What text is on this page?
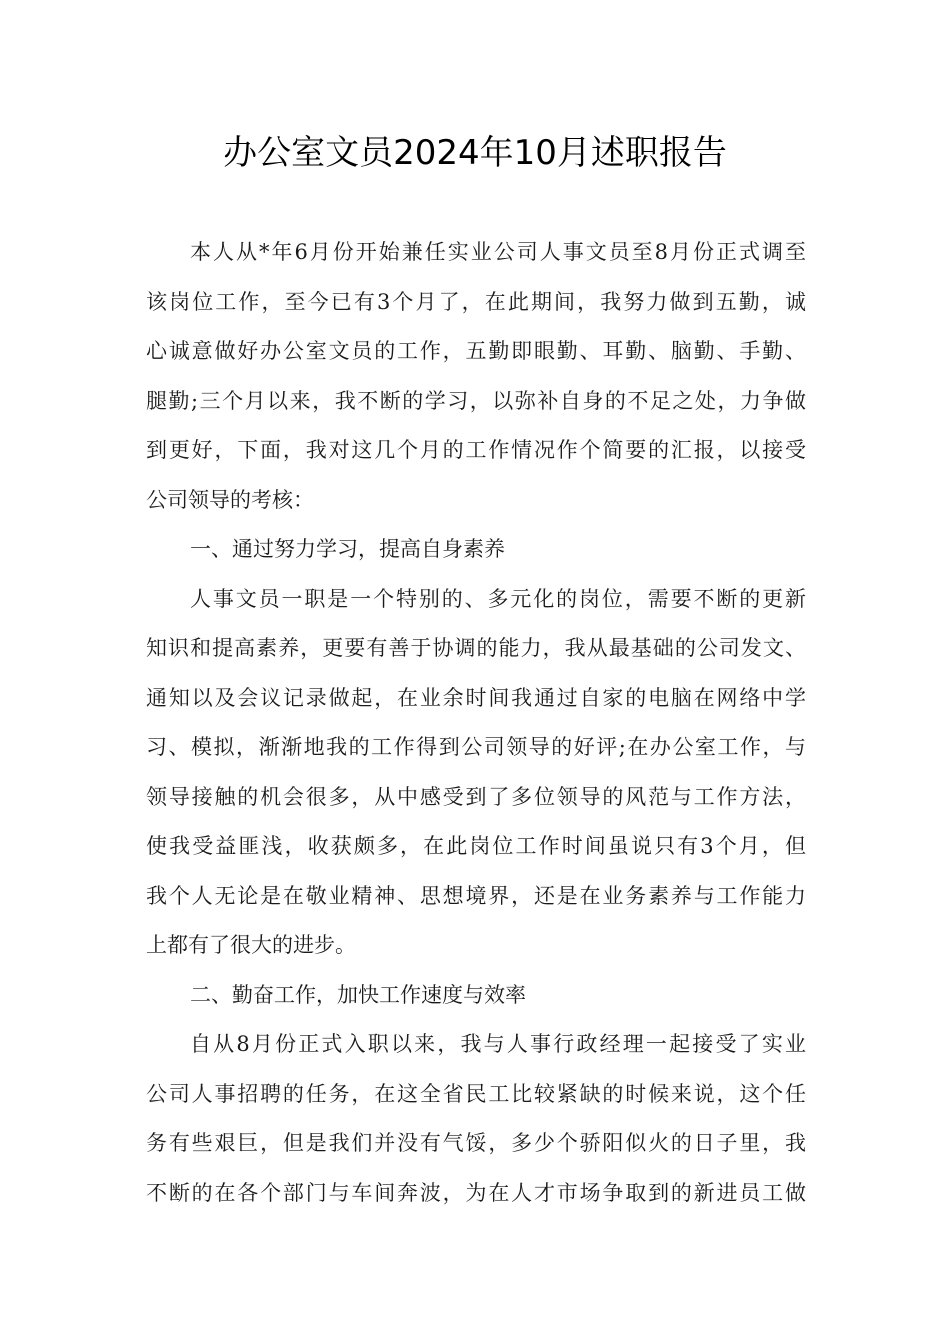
办公室文员2024年10月述职报告
本人从*年6月份开始兼任实业公司人事文员至8月份正式调至
该岗位工作，至今已有3个月了，在此期间，我努力做到五勤，诚
心诚意做好办公室文员的工作，五勤即眼勤、耳勤、脑勤、手勤、
腿勤;三个月以来，我不断的学习，以弥补自身的不足之处，力争做
到更好，下面，我对这几个月的工作情况作个简要的汇报，以接受
公司领导的考核：
一、通过努力学习，提高自身素养
人事文员一职是一个特别的、多元化的岗位，需要不断的更新
知识和提高素养，更要有善于协调的能力，我从最基础的公司发文、
通知以及会议记录做起，在业余时间我通过自家的电脑在网络中学
习、模拟，渐渐地我的工作得到公司领导的好评;在办公室工作，与
领导接触的机会很多，从中感受到了多位领导的风范与工作方法，
使我受益匪浅，收获颇多，在此岗位工作时间虽说只有3个月，但
我个人无论是在敬业精神、思想境界，还是在业务素养与工作能力
上都有了很大的进步。
二、勤奋工作，加快工作速度与效率
自从8月份正式入职以来，我与人事行政经理一起接受了实业
公司人事招聘的任务，在这全省民工比较紧缺的时候来说，这个任
务有些艰巨，但是我们并没有气馁，多少个骄阳似火的日子里，我
不断的在各个部门与车间奔波，为在人才市场争取到的新进员工做
